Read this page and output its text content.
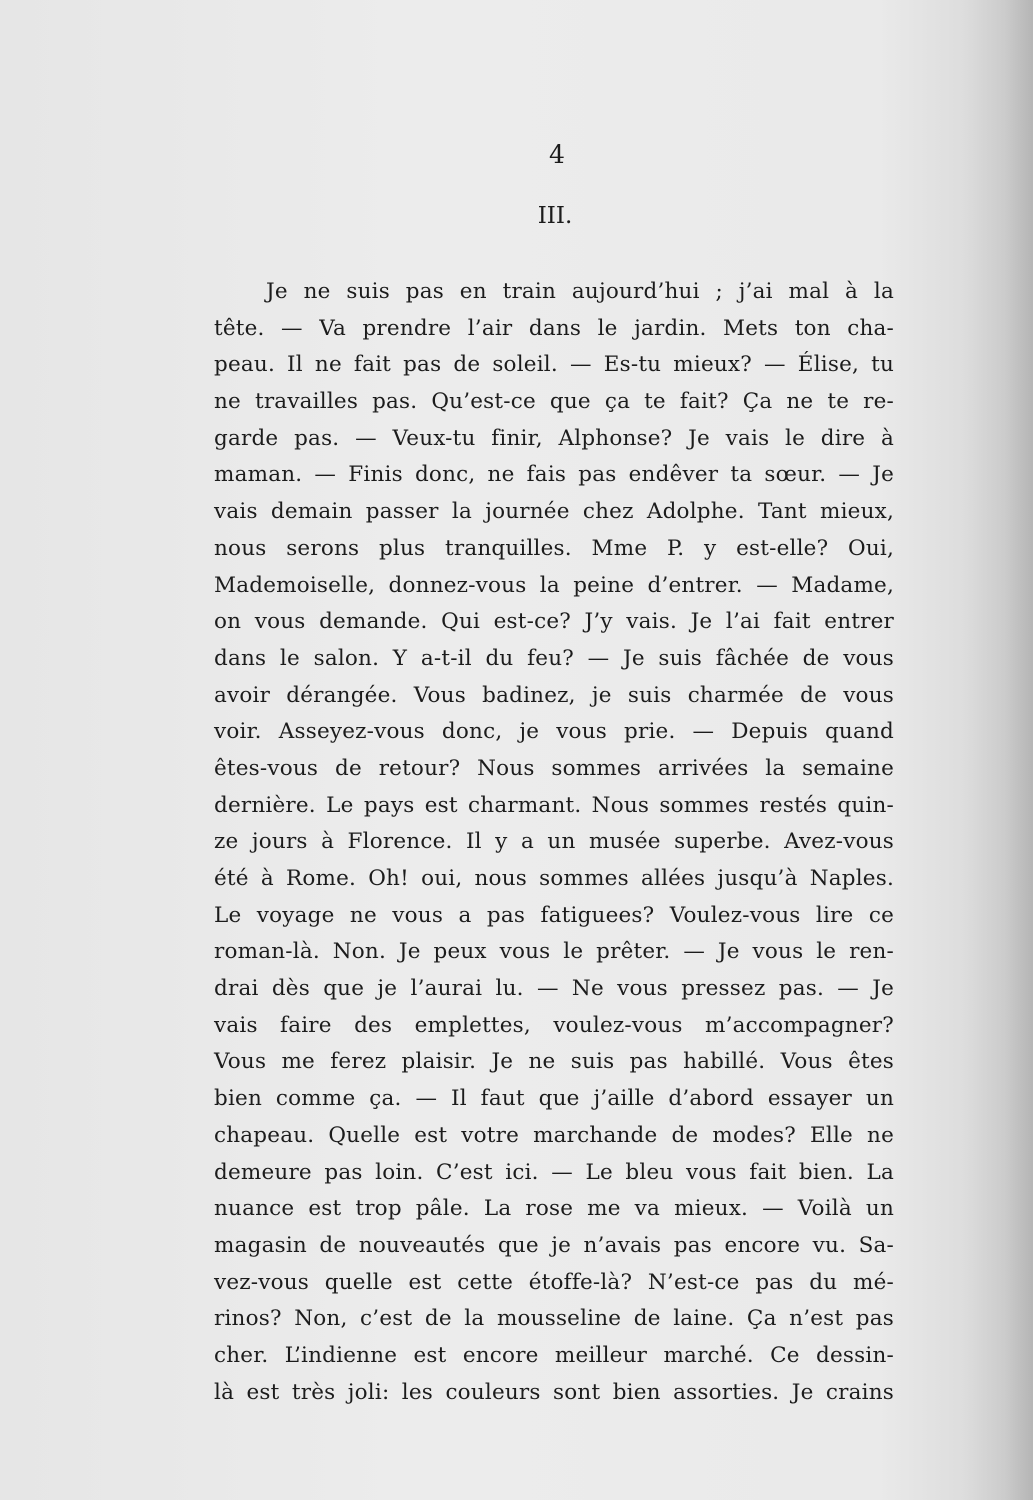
4
III.
Je ne suis pas en train aujourd’hui ; j’ai mal à la
tête. — Va prendre l’air dans le jardin. Mets ton cha-
peau. Il ne fait pas de soleil. — Es-tu mieux? — Élise, tu
ne travailles pas. Qu’est-ce que ça te fait? Ça ne te re-
garde pas. — Veux-tu finir, Alphonse? Je vais le dire à
maman. — Finis donc, ne fais pas endêver ta sœur. — Je
vais demain passer la journée chez Adolphe. Tant mieux,
nous serons plus tranquilles. Mme P. y est-elle? Oui,
Mademoiselle, donnez-vous la peine d’entrer. — Madame,
on vous demande. Qui est-ce? J’y vais. Je l’ai fait entrer
dans le salon. Y a-t-il du feu? — Je suis fâchée de vous
avoir dérangée. Vous badinez, je suis charmée de vous
voir. Asseyez-vous donc, je vous prie. — Depuis quand
êtes-vous de retour? Nous sommes arrivées la semaine
dernière. Le pays est charmant. Nous sommes restés quin-
ze jours à Florence. Il y a un musée superbe. Avez-vous
été à Rome. Oh! oui, nous sommes allées jusqu’à Naples.
Le voyage ne vous a pas fatiguees? Voulez-vous lire ce
roman-là. Non. Je peux vous le prêter. — Je vous le ren-
drai dès que je l’aurai lu. — Ne vous pressez pas. — Je
vais faire des emplettes, voulez-vous m’accompagner?
Vous me ferez plaisir. Je ne suis pas habillé. Vous êtes
bien comme ça. — Il faut que j’aille d’abord essayer un
chapeau. Quelle est votre marchande de modes? Elle ne
demeure pas loin. C’est ici. — Le bleu vous fait bien. La
nuance est trop pâle. La rose me va mieux. — Voilà un
magasin de nouveautés que je n’avais pas encore vu. Sa-
vez-vous quelle est cette étoffe-là? N’est-ce pas du mé-
rinos? Non, c’est de la mousseline de laine. Ça n’est pas
cher. L’indienne est encore meilleur marché. Ce dessin-
là est très joli: les couleurs sont bien assorties. Je crains
